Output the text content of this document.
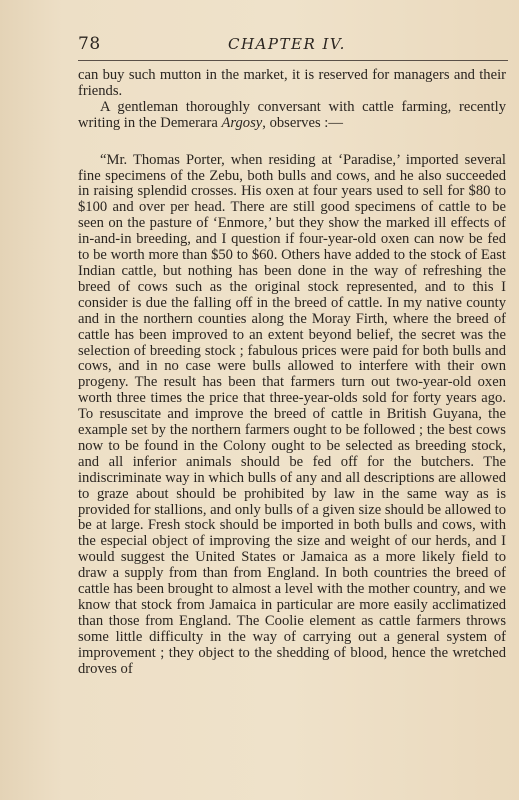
78	CHAPTER IV.

can buy such mutton in the market, it is reserved for managers and their friends.

A gentleman thoroughly conversant with cattle farming, recently writing in the Demerara Argosy, observes :—

“Mr. Thomas Porter, when residing at ‘Paradise,’ imported several fine specimens of the Zebu, both bulls and cows, and he also succeeded in raising splendid crosses. His oxen at four years used to sell for $80 to $100 and over per head. There are still good specimens of cattle to be seen on the pasture of ‘Enmore,’ but they show the marked ill effects of in-and-in breeding, and I question if four-year-old oxen can now be fed to be worth more than $50 to $60. Others have added to the stock of East Indian cattle, but nothing has been done in the way of refreshing the breed of cows such as the original stock represented, and to this I consider is due the falling off in the breed of cattle. In my native county and in the northern counties along the Moray Firth, where the breed of cattle has been improved to an extent beyond belief, the secret was the selection of breeding stock ; fabulous prices were paid for both bulls and cows, and in no case were bulls allowed to interfere with their own progeny. The result has been that farmers turn out two-year-old oxen worth three times the price that three-year-olds sold for forty years ago. To resuscitate and improve the breed of cattle in British Guyana, the example set by the northern farmers ought to be followed ; the best cows now to be found in the Colony ought to be selected as breeding stock, and all inferior animals should be fed off for the butchers. The indiscriminate way in which bulls of any and all descriptions are allowed to graze about should be prohibited by law in the same way as is provided for stallions, and only bulls of a given size should be allowed to be at large. Fresh stock should be imported in both bulls and cows, with the especial object of improving the size and weight of our herds, and I would suggest the United States or Jamaica as a more likely field to draw a supply from than from England. In both countries the breed of cattle has been brought to almost a level with the mother country, and we know that stock from Jamaica in particular are more easily acclimatized than those from England. The Coolie element as cattle farmers throws some little difficulty in the way of carrying out a general system of improvement ; they object to the shedding of blood, hence the wretched droves of
